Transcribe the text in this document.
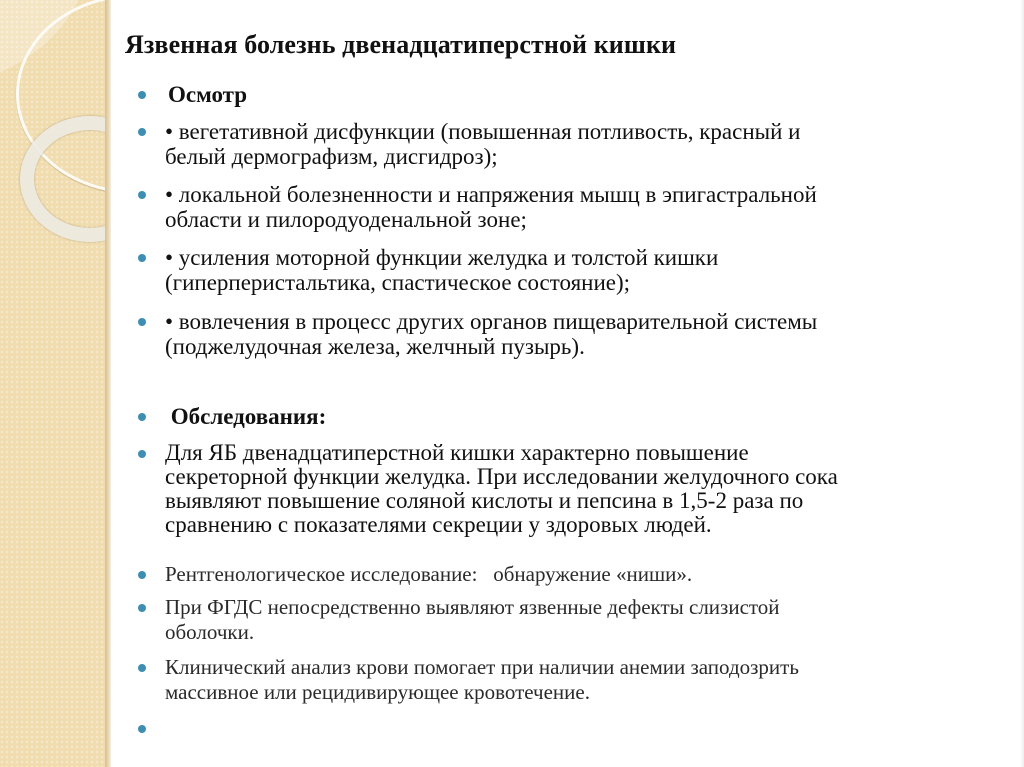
Язвенная болезнь двенадцатиперстной кишки
Осмотр
• вегетативной дисфункции (повышенная потливость, красный и
белый дермографизм, дисгидроз);
• локальной болезненности и напряжения мышц в эпигастральной
области и пилородуоденальной зоне;
• усиления моторной функции желудка и толстой кишки
(гиперперистальтика, спастическое состояние);
• вовлечения в процесс других органов пищеварительной системы
(поджелудочная железа, желчный пузырь).
Обследования:
Для ЯБ двенадцатиперстной кишки характерно повышение
секреторной функции желудка. При исследовании желудочного сока
выявляют повышение соляной кислоты и пепсина в 1,5-2 раза по
сравнению с показателями секреции у здоровых людей.
Рентгенологическое исследование:   обнаружение «ниши».
При ФГДС непосредственно выявляют язвенные дефекты слизистой
оболочки.
Клинический анализ крови помогает при наличии анемии заподозрить
массивное или рецидивирующее кровотечение.
